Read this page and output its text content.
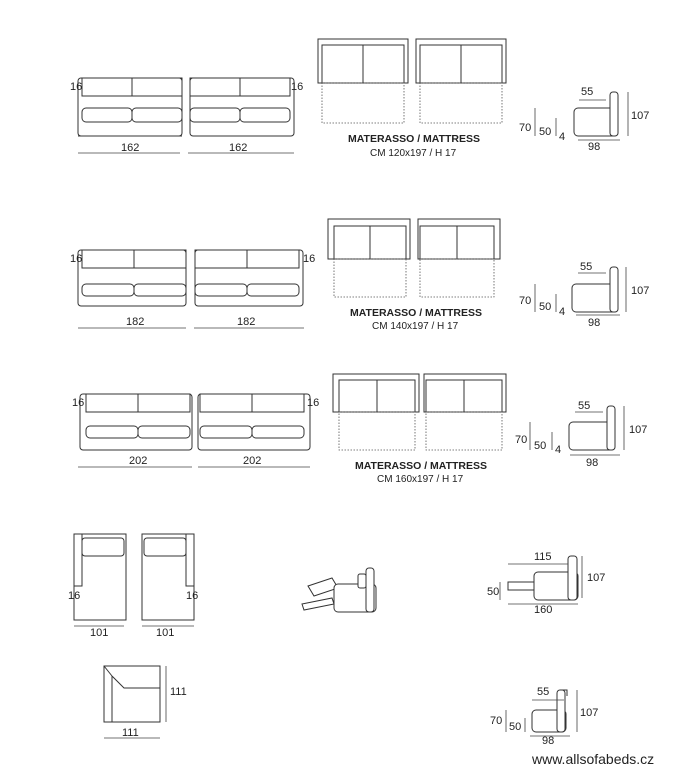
16
162
16
162
MATERASSO / MATTRESS
CM 120x197 / H 17
55
107
70 50 4
98
16
182
16
182
MATERASSO / MATTRESS
CM 140x197 / H 17
55
107
70 50 4
98
16
202
16
202	MATERASSO / MATTRESS
CM 160x197 / H 17
55
107
70 50 4
98
16
101
16
101
115
107
50
160
111
111
55
107
70 50
98
www.allsofabeds.cz
